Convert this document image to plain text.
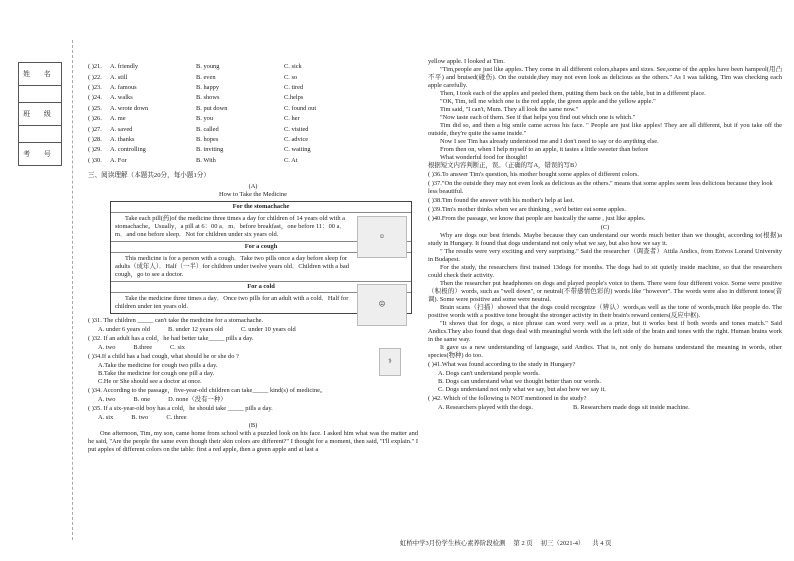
姓 名
班 级
考 号
( )21.	A. friendly	B. young	C. sick
( )22.	A. still	B. even	C. so
( )23.	A. famous	B. happy	C. tired
( )24.	A. walks	B. shows	C.helps
( )25.	A. wrote down	B. put down	C. found out
( )26.	A. me	B. you	C. her
( )27.	A. saved	B. called	C. visited
( )28.	A. thanks	B. hopes	C. advice
( )29.	A. controlling	B. inviting	C. waiting
( )30.	A. For	B. With	C. At
三、阅读理解（本题共20分，每小题1分）
(A)
How to Take the Medicine
For the stomachache
☺
Take each pill(药)of the medicine three times a day for children of 14 years old with a stomachache。Usually，a pill at 6：00 a．m．before breakfast，one before 11：00 a．m．and one before sleep．Not for children under six years old.
For a cough
☹
This medicine is for a person with a cough．Take two pills once a day before sleep for adults（成年人）．Half（一半）for children under twelve years old．Children with a bad cough，go to see a doctor.
For a cold
⚕
Take the medicine three times a day．Once two pills for an adult with a cold．Half for children under ten years old.

( )31. The children _____ can't take the medicine for a stomachache.

A. under 6 years old	B. under 12 years old	C. under 10 years old

( )32. If an adult has a cold，he had better take_____ pills a day.

A. two	B.three	C. six

( )34.If a child has a bad cough, what should he or she do ?

A.Take the medicine for cough two pills a day.

B.Take the medicine for cough one pill a day.

C.He or She should see a doctor at once.

( )34. According to the passage，five-year-old children can take_____ kind(s) of medicine。

A. two	B. one	D. none（没有一种）

( )35. If a six-year-old boy has a cold，he should take _____ pills a day.

A. six	B. two	C. three
(B)

One afternoon, Tim, my son, came home from school with a puzzled look on his face. I asked him what was the matter and he said, "Are the people the same even though their skin colors are different?" I thought for a moment, then said, "I'll explain." I put apples of different colors on the table: first a red apple, then a green apple and at last a

yellow apple. I looked at Tim.

"Tim,people are just like apples. They come in all different colors,shapes and sizes. See,some of the apples have been hampeol(用凸不平) and bruised(碰伤). On the outside,they may not even look as delicious as the others." As I was talking, Tim was checking each apple carefully.

Then, I took each of the apples and peeled them, putting them back on the table, but in a different place.

"OK, Tim, tell me which one is the red apple, the green apple and the yellow apple."

Tim said, "I can't, Mum. They all look the same now."

"Now taste each of them. See if that helps you find out which one is which."

Tim did so, and then a big smile came across his face. " People are just like apples! They are all different, but if you take off the outside, they're quite the same inside."

Now I see Tim has already understood me and I don't need to say or do anything else.

From then on, when I help myself to an apple, it tastes a little sweeter than before

What wonderful food for thought!

根据短文内容判断正，误。（正确的写A，错误的写B）

( )36.To answer Tim's question, his mother bought some apples of different colors.

( )37."On the outside they may not even look as delicious as the others." means that some apples seem less delicious because they look less beautiful.

( )38.Tim found the answer with his mother's help at last.

( )39.Tim's mother thinks when we are thinking , we'd better eat some apples.

( )40.From the passage, we know that people are basically the same , just like apples.

(C)

Why are dogs our best friends. Maybe because they can understand our words much better than we thought, according to(根据)a study in Hungary. It found that dogs understand not only what we say, but also how we say it.

" The results were very exciting and very surprising." Said the researcher（调查者）Attila Andics, from Eotvos Lorand University in Budapest.

For the study, the researchers first trained 13dogs for months. The dogs had to sit quietly inside machine, so that the researchers could check their activity.

Then the researcher put headphones on dogs and played people's voice to them. There were four different voice. Some were positive（积极的）words, such as "well down", or neutral(不带感情色彩的) words like "however". The words were also in different tones(音调). Some were positive and some were neutral.

Brain scans（扫描）showed that the dogs could recognize（辨认）words,as well as the tone of words,much like people do. The positive words with a positive tone brought the stronger activity in their brain's reward centers(反应中枢).

"It shows that for dogs, a nice phrase can word very well as a prize, but it works best if both words and tones match." Said Andics.They also found that dogs deal with meaningful words with the left side of the brain and tones with the right. Human brains work in the same way.

It gave us a new understanding of language, said Andics. That is, not only do humans understand the meaning in words, other species(物种) do too.

( )41.What was found according to the study in Hungary?

A. Dogs can't understand people words.

B. Dogs can understand what we thought better than our words.

C. Dogs understand not only what we say, but also how we say it.

( )42. Which of the following is NOT mentioned in the study?

A. Researchers played with the dogs.	B. Researchers made dogs sit inside machine.
虹桥中学3月份学生核心素养阶段检测 第 2 页 初三（2021-4） 共 4 页
